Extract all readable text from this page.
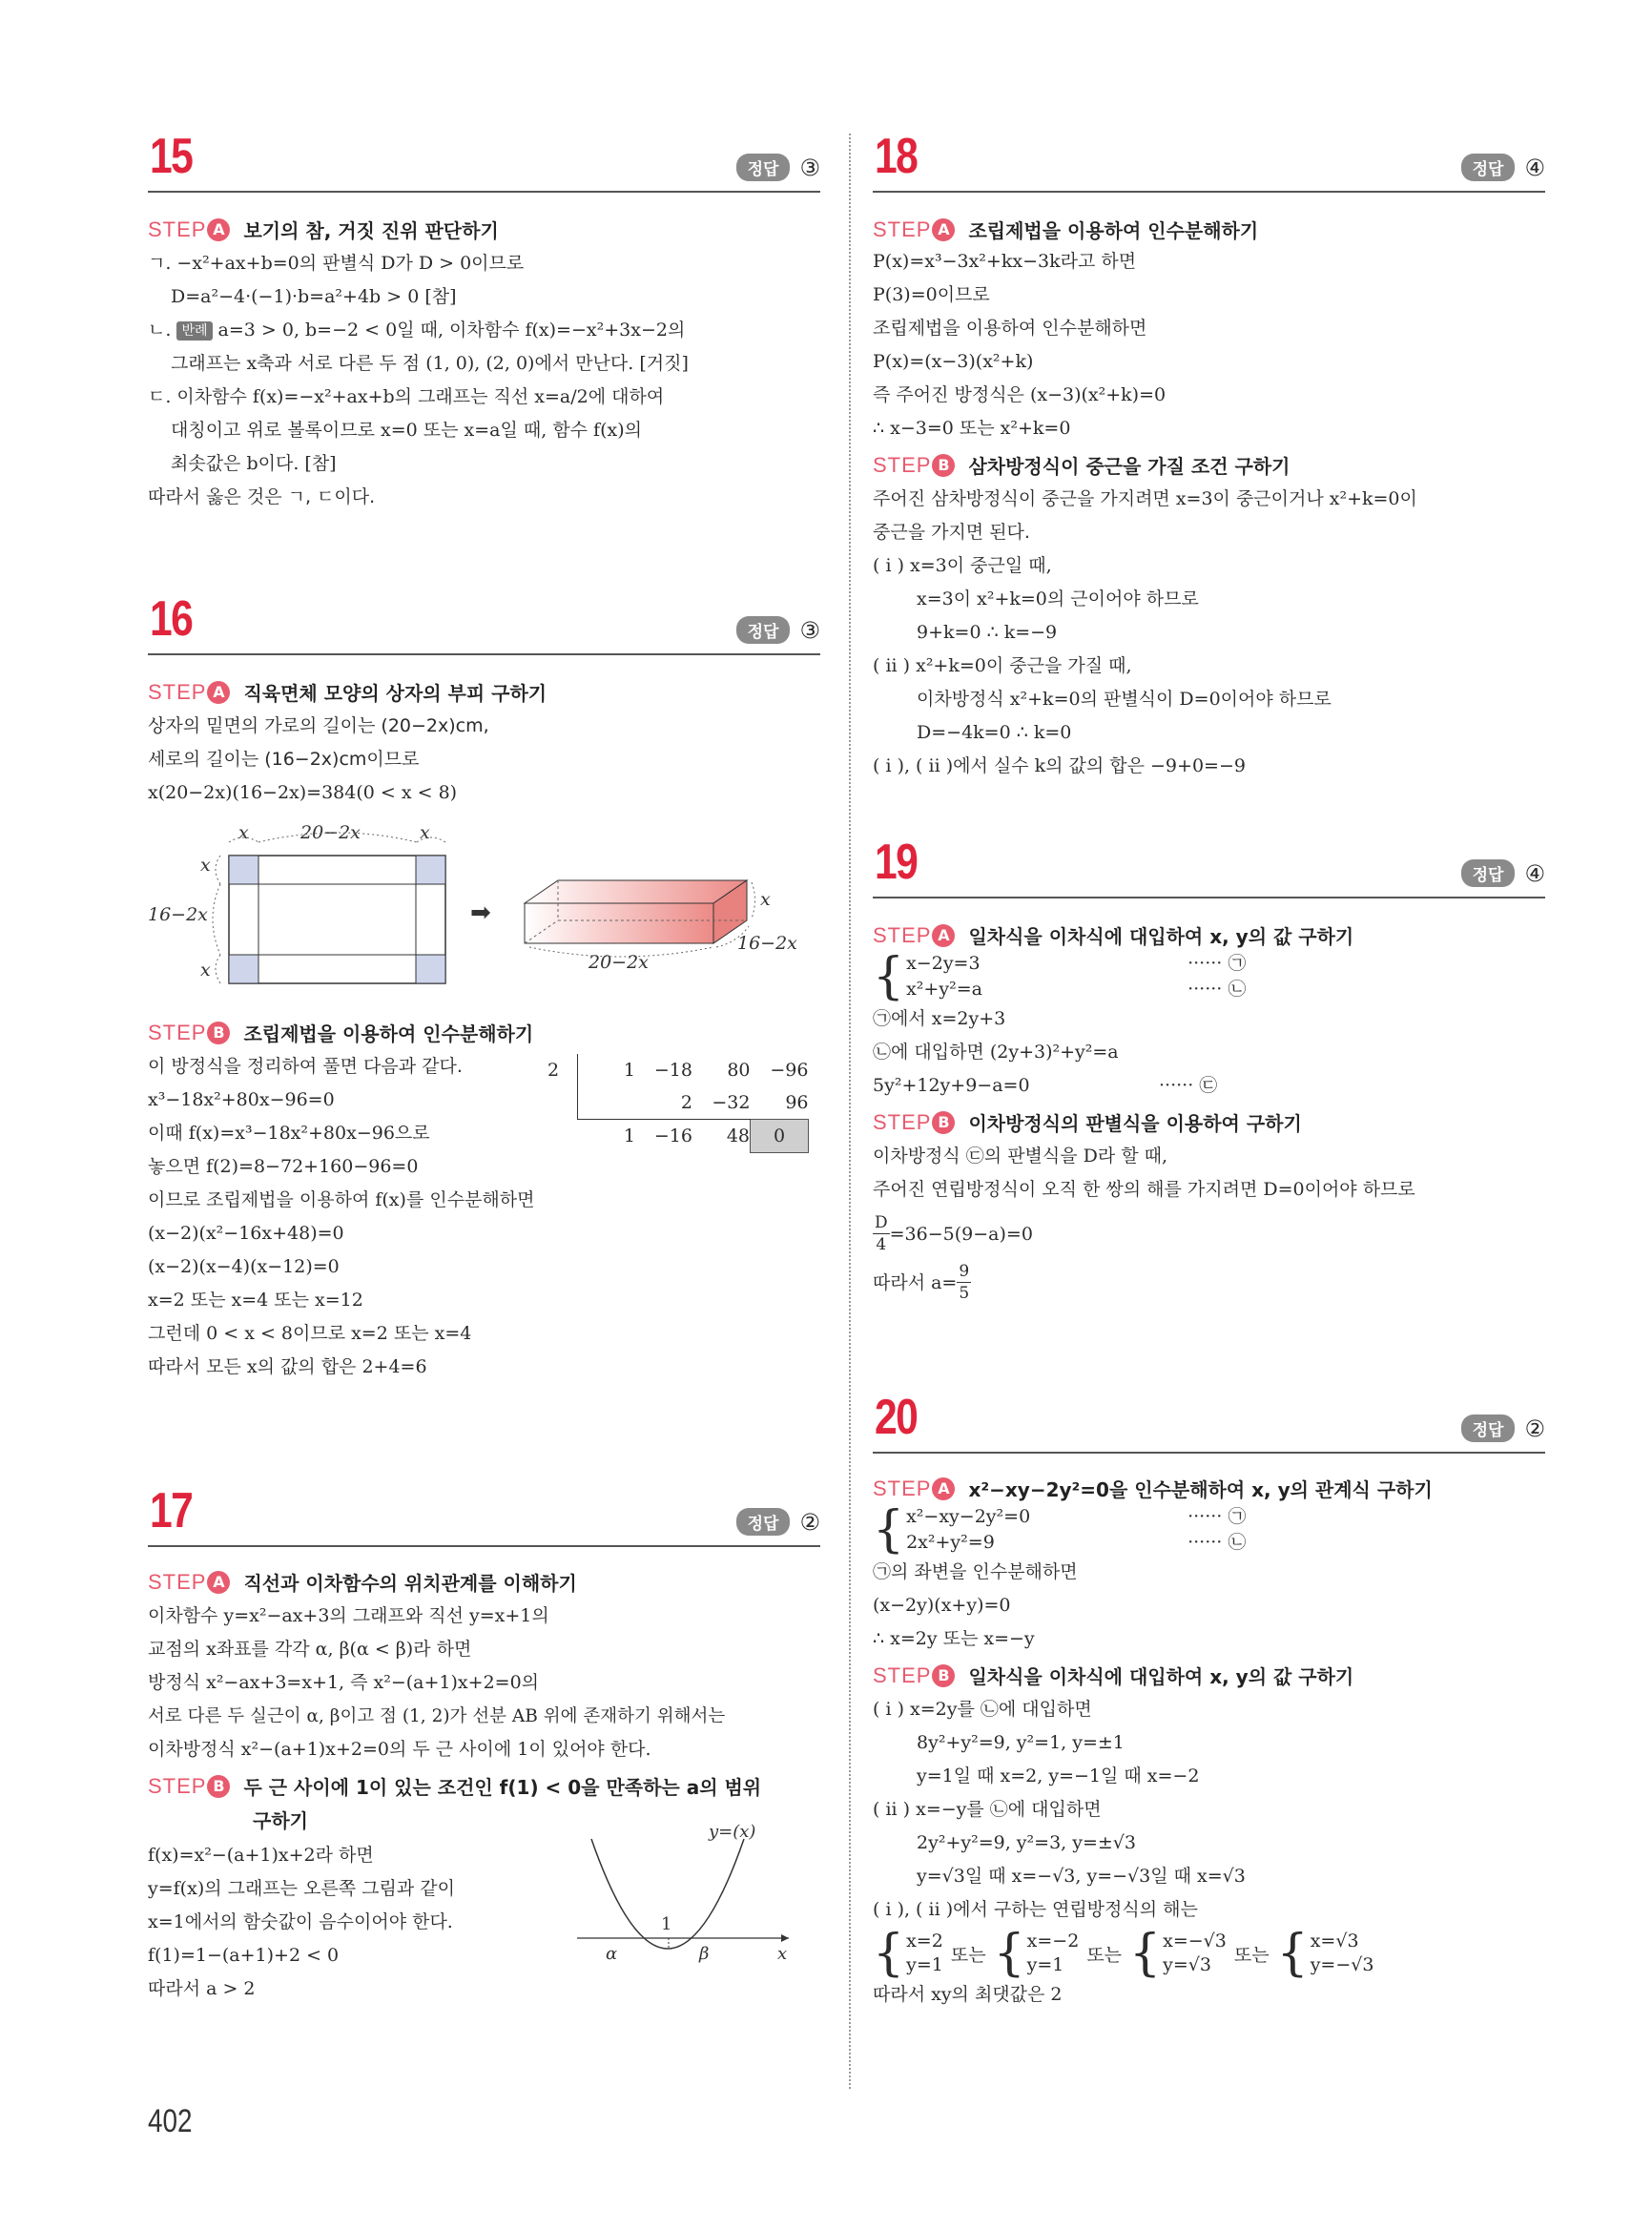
15	정답 ③
STEP A 보기의 참, 거짓 진위 판단하기
ㄱ. −x²+ax+b=0의 판별식 D가 D > 0이므로
D=a²−4·(−1)·b=a²+4b > 0 [참]
ㄴ. 반례 a=3 > 0, b=−2 < 0일 때, 이차함수 f(x)=−x²+3x−2의
그래프는 x축과 서로 다른 두 점 (1, 0), (2, 0)에서 만난다. [거짓]
ㄷ. 이차함수 f(x)=−x²+ax+b의 그래프는 직선 x=a/2에 대하여
대칭이고 위로 볼록이므로 x=0 또는 x=a일 때, 함수 f(x)의
최솟값은 b이다. [참]
따라서 옳은 것은 ㄱ, ㄷ이다.
16	정답 ③
STEP A 직육면체 모양의 상자의 부피 구하기
상자의 밑면의 가로의 길이는 (20−2x)cm,
세로의 길이는 (16−2x)cm이므로
x(20−2x)(16−2x)=384(0 < x < 8)
x	20−2x	x
x
16−2x
x
➡
20−2x
16−2x
x
STEP B 조립제법을 이용하여 인수분해하기
이 방정식을 정리하여 풀면 다음과 같다.
x³−18x²+80x−96=0
이때 f(x)=x³−18x²+80x−96으로
놓으면 f(2)=8−72+160−96=0
이므로 조립제법을 이용하여 f(x)를 인수분해하면
(x−2)(x²−16x+48)=0
(x−2)(x−4)(x−12)=0
x=2 또는 x=4 또는 x=12
그런데 0 < x < 8이므로 x=2 또는 x=4
따라서 모든 x의 값의 합은 2+4=6
2	1	−18	80	−96
		2	−32	96
	1	−16	48	0
17	정답 ②
STEP A 직선과 이차함수의 위치관계를 이해하기
이차함수 y=x²−ax+3의 그래프와 직선 y=x+1의
교점의 x좌표를 각각 α, β(α < β)라 하면
방정식 x²−ax+3=x+1, 즉 x²−(a+1)x+2=0의
서로 다른 두 실근이 α, β이고 점 (1, 2)가 선분 AB 위에 존재하기 위해서는
이차방정식 x²−(a+1)x+2=0의 두 근 사이에 1이 있어야 한다.
STEP B 두 근 사이에 1이 있는 조건인 f(1) < 0을 만족하는 a의 범위
구하기
f(x)=x²−(a+1)x+2라 하면
y=f(x)의 그래프는 오른쪽 그림과 같이
x=1에서의 함숫값이 음수이어야 한다.
f(1)=1−(a+1)+2 < 0
따라서 a > 2
y=(x)
1
α	β	x
402
18	정답 ④
STEP A 조립제법을 이용하여 인수분해하기
P(x)=x³−3x²+kx−3k라고 하면
P(3)=0이므로
조립제법을 이용하여 인수분해하면
P(x)=(x−3)(x²+k)
즉 주어진 방정식은 (x−3)(x²+k)=0
∴ x−3=0 또는 x²+k=0
STEP B 삼차방정식이 중근을 가질 조건 구하기
주어진 삼차방정식이 중근을 가지려면 x=3이 중근이거나 x²+k=0이
중근을 가지면 된다.
( i ) x=3이 중근일 때,
x=3이 x²+k=0의 근이어야 하므로
9+k=0 ∴ k=−9
( ii ) x²+k=0이 중근을 가질 때,
이차방정식 x²+k=0의 판별식이 D=0이어야 하므로
D=−4k=0 ∴ k=0
( i ), ( ii )에서 실수 k의 값의 합은 −9+0=−9
19	정답 ④
STEP A 일차식을 이차식에 대입하여 x, y의 값 구하기
{ x−2y=3	······ ㉠
x²+y²=a	······ ㉡
㉠에서 x=2y+3
㉡에 대입하면 (2y+3)²+y²=a
5y²+12y+9−a=0	······ ㉢
STEP B 이차방정식의 판별식을 이용하여 구하기
이차방정식 ㉢의 판별식을 D라 할 때,
주어진 연립방정식이 오직 한 쌍의 해를 가지려면 D=0이어야 하므로
$\frac{D}{4} =36-5(9-a)=0$
따라서 $a= \frac{9}{5}$
20	정답 ②
STEP A x²−xy−2y²=0을 인수분해하여 x, y의 관계식 구하기
{ x²−xy−2y²=0	······ ㉠
2x²+y²=9	······ ㉡
㉠의 좌변을 인수분해하면
(x−2y)(x+y)=0
∴ x=2y 또는 x=−y
STEP B 일차식을 이차식에 대입하여 x, y의 값 구하기
( i ) x=2y를 ㉡에 대입하면
8y²+y²=9, y²=1, y=±1
y=1일 때 x=2, y=−1일 때 x=−2
( ii ) x=−y를 ㉡에 대입하면
2y²+y²=9, y²=3, y=±√3
y=√3일 때 x=−√3, y=−√3일 때 x=√3
( i ), ( ii )에서 구하는 연립방정식의 해는
{ x=2
y=1 또는 { x=−2
y=1	또는 { x=−√3
y=√3	또는 { x=√3
y=−√3
따라서 xy의 최댓값은 2
